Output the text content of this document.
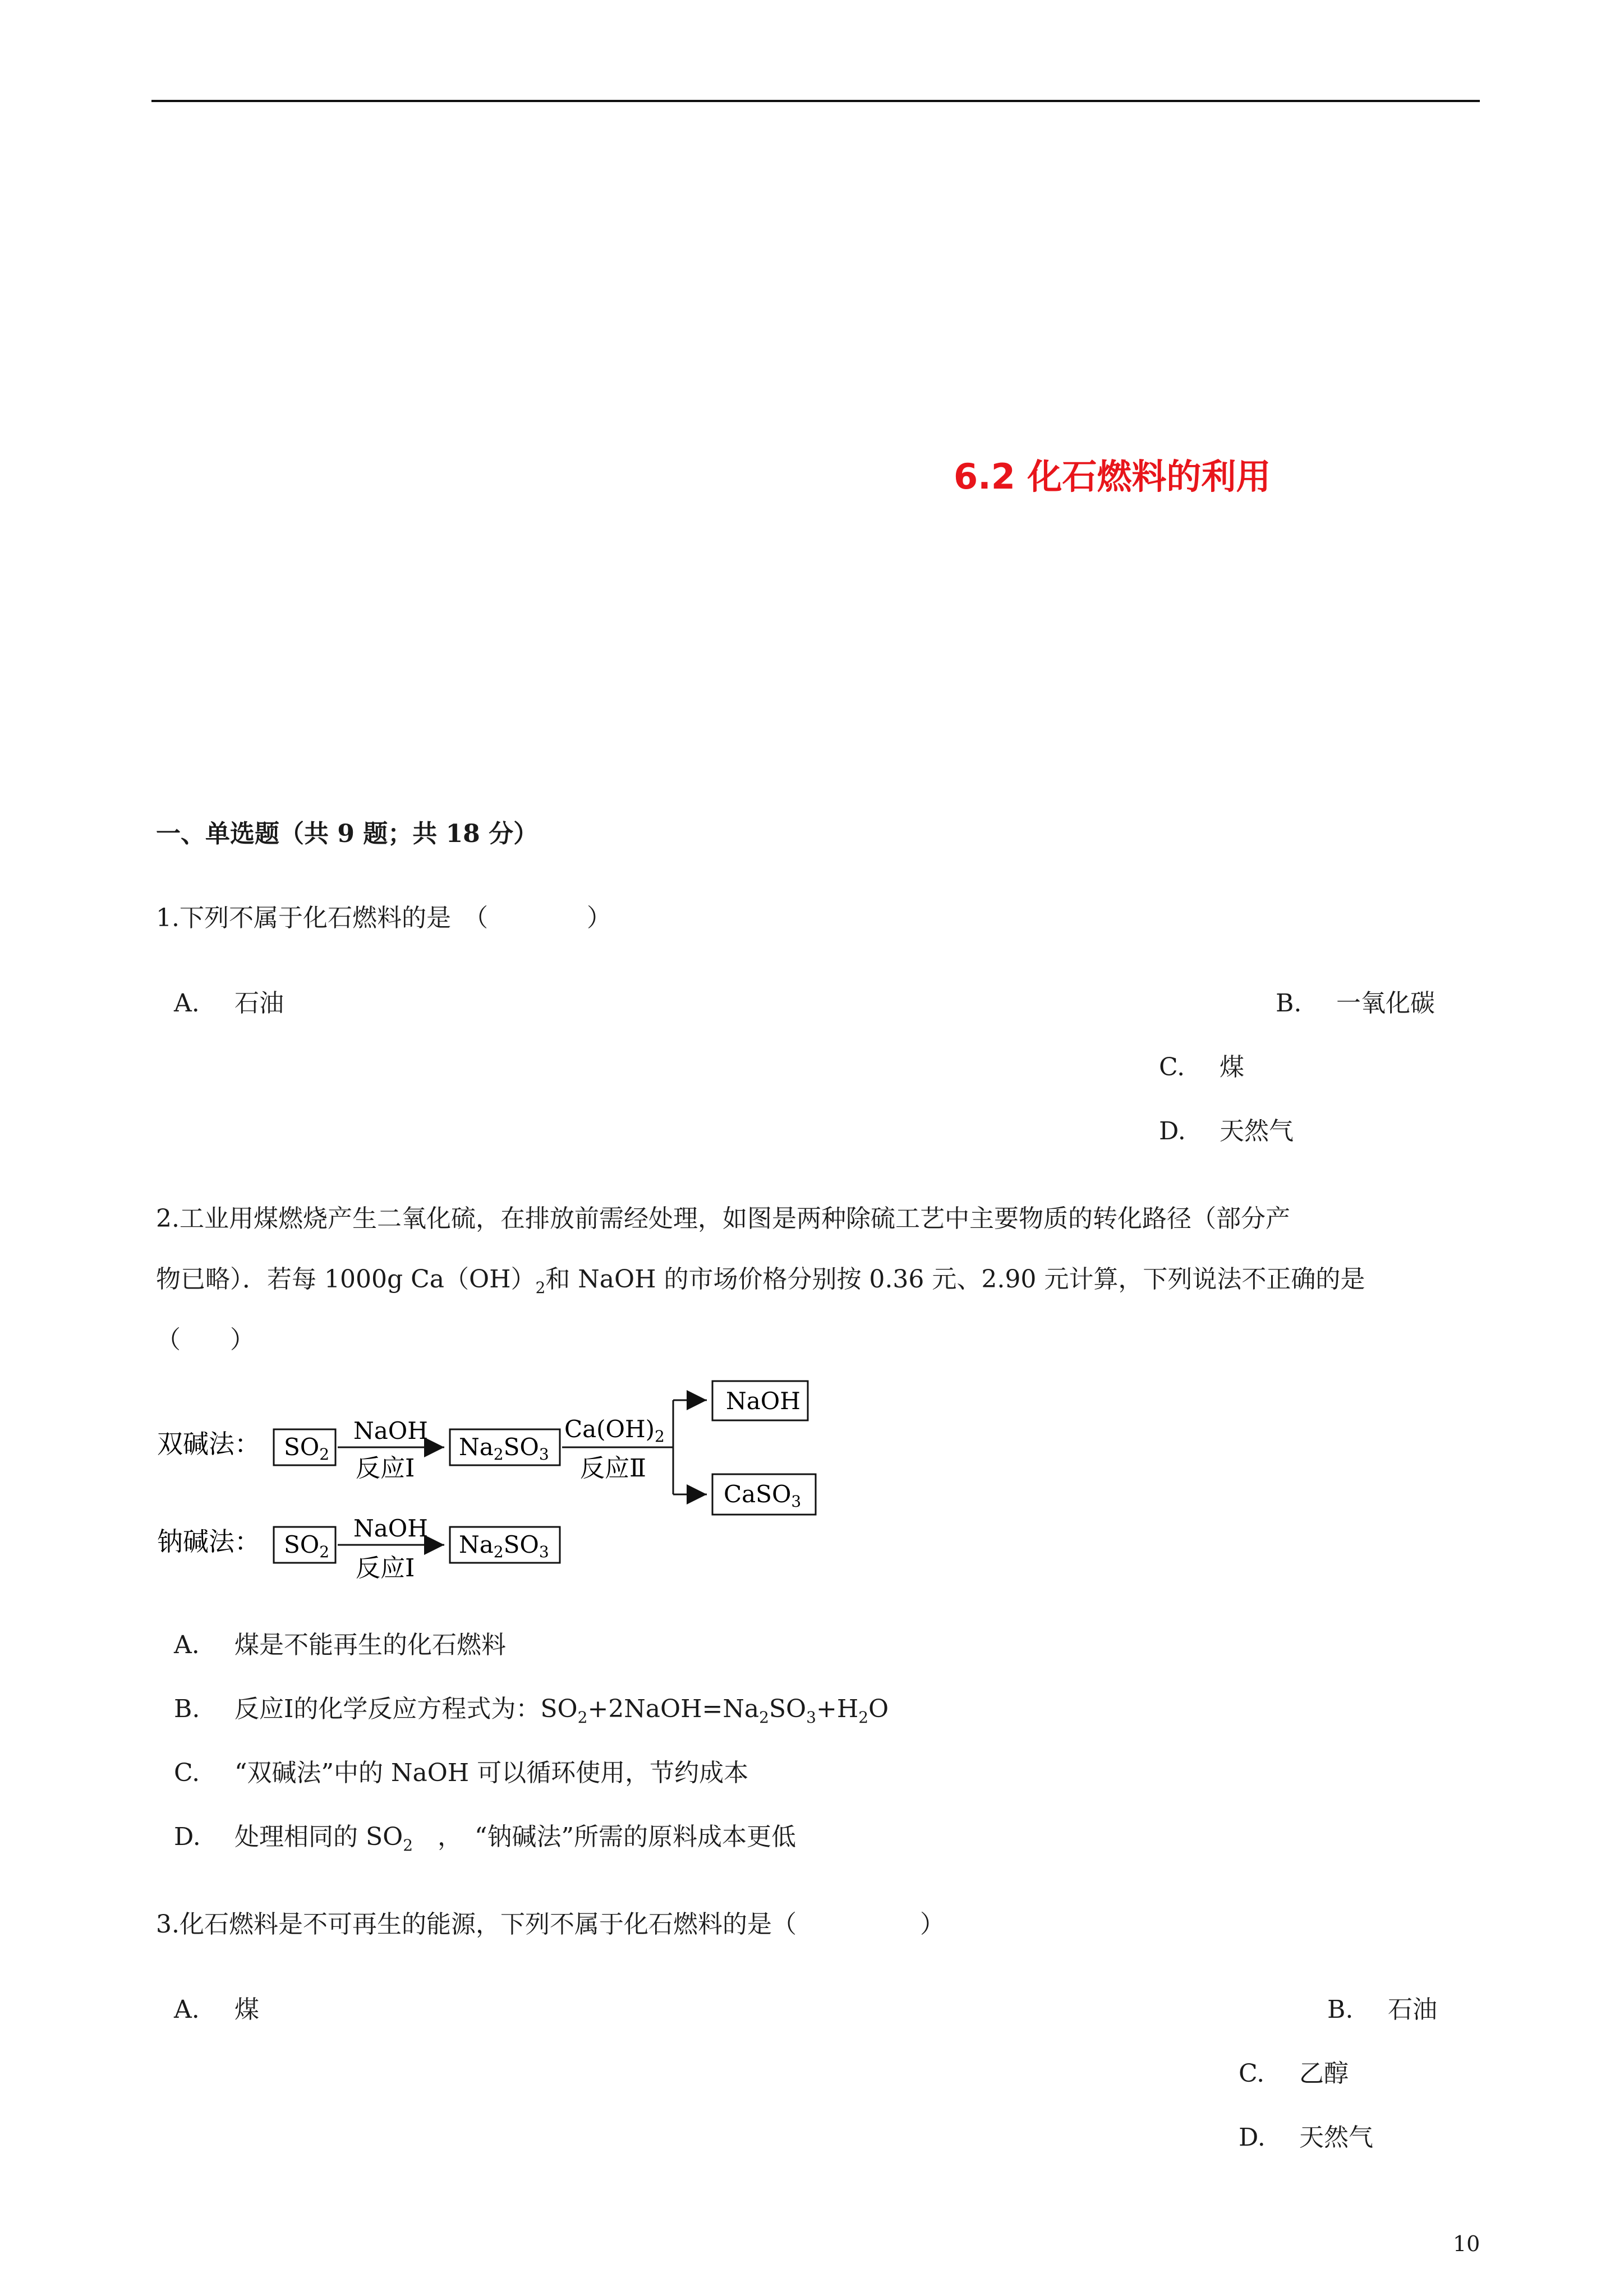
6.2 化石燃料的利用
一、单选题（共 9 题；共 18 分）
1.下列不属于化石燃料的是　（　　　　）
A. 石油	B. 一氧化碳
C. 煤
D. 天然气
2.工业用煤燃烧产生二氧化硫，在排放前需经处理，如图是两种除硫工艺中主要物质的转化路径（部分产
物已略）．若每 1000g $Ca(OH)_2$和 NaOH 的市场价格分别按 0.36 元、2.90 元计算，下列说法不正确的是
（　　）
双碱法： SO2
NaOH
反应Ⅰ
Na2SO3
Ca(OH)2
反应Ⅱ
NaOH
CaSO3
钠碱法： SO2
NaOH
反应Ⅰ
Na2SO3
A. 煤是不能再生的化石燃料
B. 反应Ⅰ的化学反应方程式为：$SO_2+2NaOH=Na_2SO_3+H_2O$
C. “双碱法”中的 NaOH 可以循环使用，节约成本
D. 处理相同的 $SO_2$　，　“钠碱法”所需的原料成本更低
3.化石燃料是不可再生的能源，下列不属于化石燃料的是（　　　　　）
A. 煤	B. 石油
C. 乙醇
D. 天然气
10
